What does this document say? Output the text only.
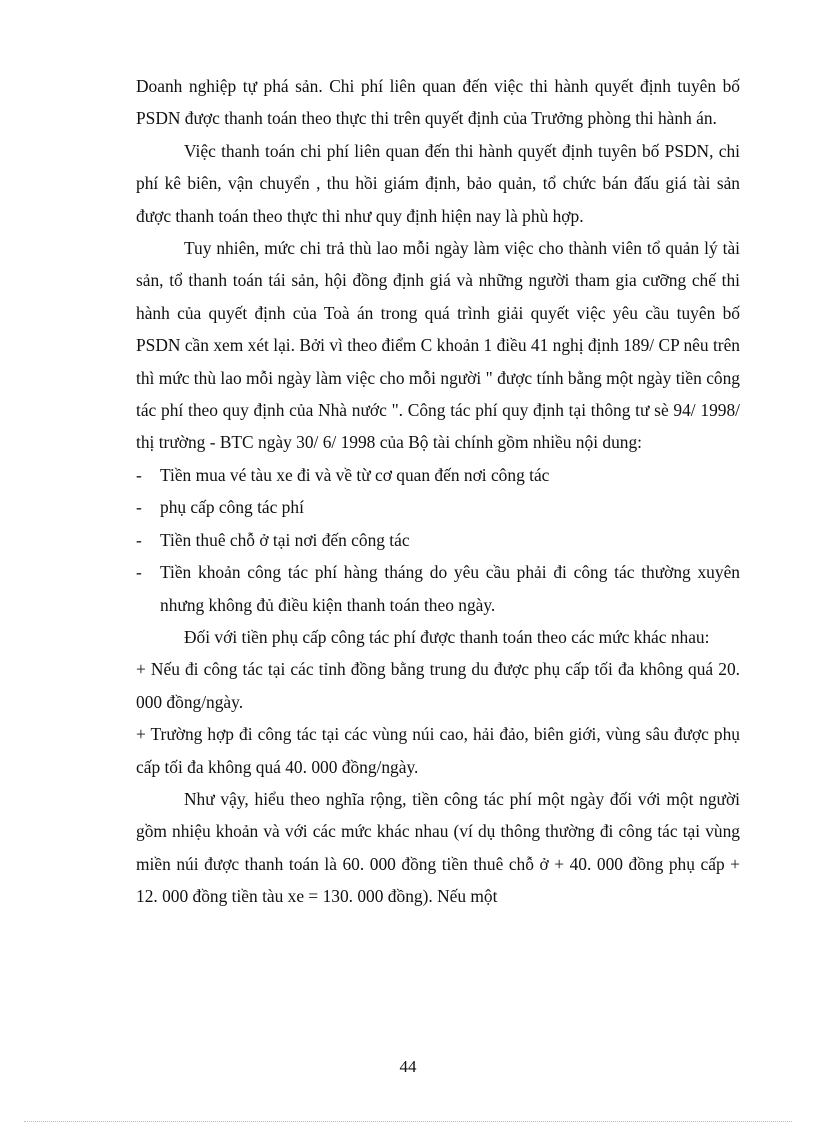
Doanh nghiệp tự phá sản. Chi phí liên quan đến việc thi hành quyết định tuyên bố PSDN được thanh toán theo thực thi trên quyết định của Trưởng phòng thi hành án.

Việc thanh toán chi phí liên quan đến thi hành quyết định tuyên bố PSDN, chi phí kê biên, vận chuyển , thu hồi giám định, bảo quản, tổ chức bán đấu giá tài sản được thanh toán theo thực thi như quy định hiện nay là phù hợp.

Tuy nhiên, mức chi trả thù lao mỗi ngày làm việc cho thành viên tổ quản lý tài sản, tổ thanh toán tái sản, hội đồng định giá và những người tham gia cưỡng chế thi hành của quyết định của Toà án trong quá trình giải quyết việc yêu cầu tuyên bố PSDN cần xem xét lại. Bởi vì theo điểm C khoản 1 điều 41 nghị định 189/ CP nêu trên thì mức thù lao mỗi ngày làm việc cho mỗi người " được tính bằng một ngày tiền công tác phí theo quy định của Nhà nước ". Công tác phí quy định tại thông tư sè 94/ 1998/ thị trường - BTC ngày 30/ 6/ 1998 của Bộ tài chính gồm nhiều nội dung:

- Tiền mua vé tàu xe đi và về từ cơ quan đến nơi công tác
- phụ cấp công tác phí
- Tiền thuê chỗ ở tại nơi đến công tác
- Tiền khoản công tác phí hàng tháng do yêu cầu phải đi công tác thường xuyên nhưng không đủ điều kiện thanh toán theo ngày.

Đối với tiền phụ cấp công tác phí được thanh toán theo các mức khác nhau:

+ Nếu đi công tác tại các tỉnh đồng bằng trung du được phụ cấp tối đa không quá 20. 000 đồng/ngày.

+ Trường hợp đi công tác tại các vùng núi cao, hải đảo, biên giới, vùng sâu được phụ cấp tối đa không quá 40. 000 đồng/ngày.

Như vậy, hiểu theo nghĩa rộng, tiền công tác phí một ngày đối với một người gồm nhiệu khoản và với các mức khác nhau (ví dụ thông thường đi công tác tại vùng miền núi được thanh toán là 60. 000 đồng tiền thuê chỗ ở + 40. 000 đồng phụ cấp + 12. 000 đồng tiền tàu xe = 130. 000 đồng). Nếu một

44
